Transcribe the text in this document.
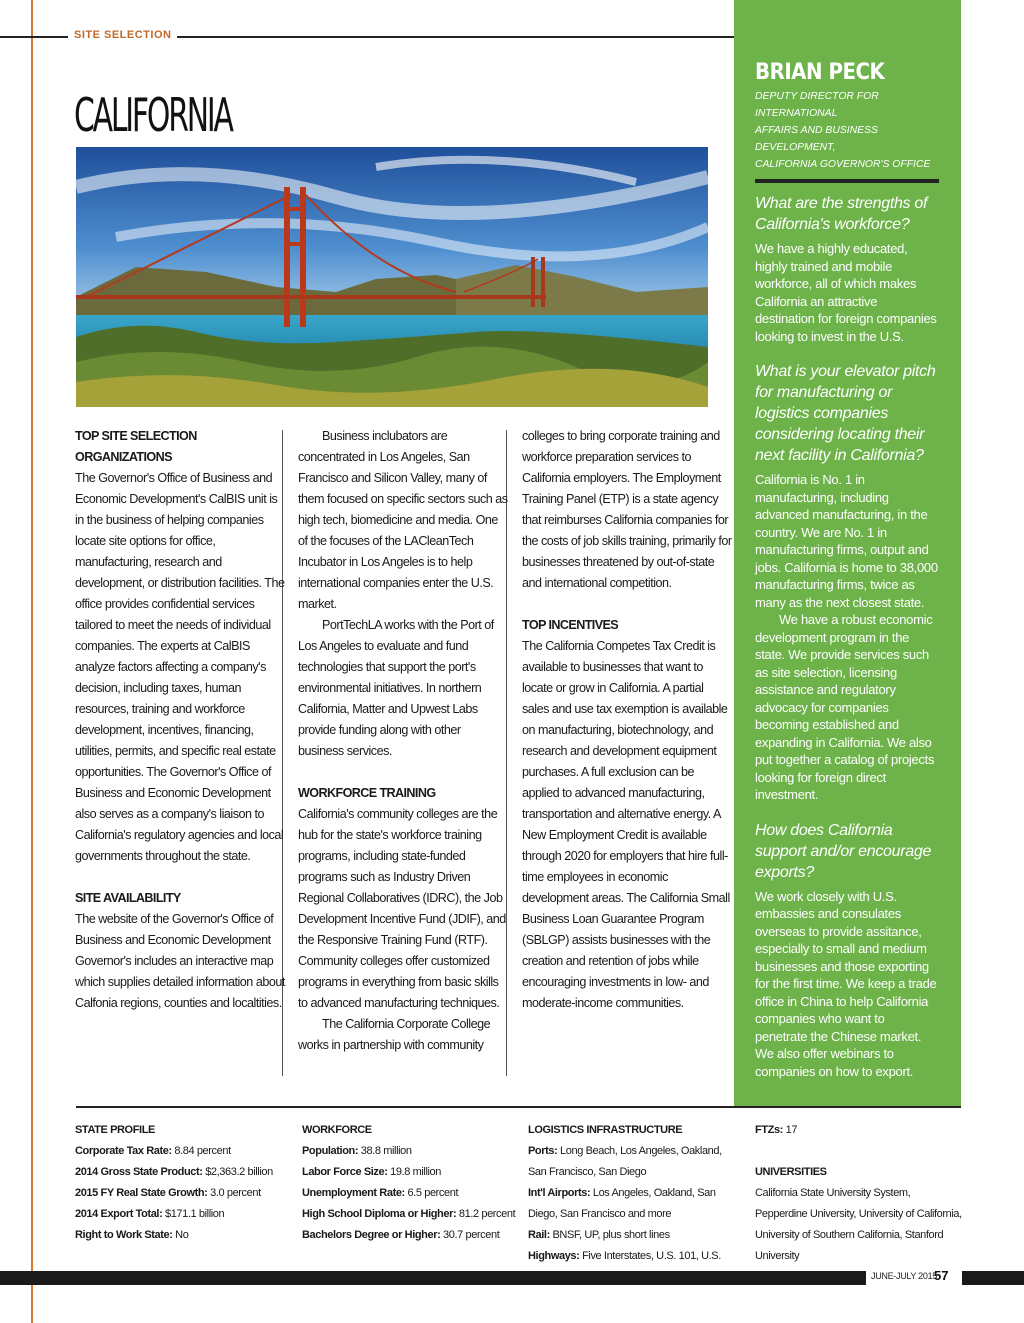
SITE SELECTION
CALIFORNIA
TOP SITE SELECTION
ORGANIZATIONS

The Governor's Office of Business and Economic Development's CalBIS unit is in the business of helping companies locate site options for office, manufacturing, research and development, or distribution facilities. The office provides confidential services tailored to meet the needs of individual companies. The experts at CalBIS analyze factors affecting a company's decision, including taxes, human resources, training and workforce development, incentives, financing, utilities, permits, and specific real estate opportunities. The Governor's Office of Business and Economic Development also serves as a company's liaison to California's regulatory agencies and local governments throughout the state.

SITE AVAILABILITY

The website of the Governor's Office of Business and Economic Development Governor's includes an interactive map which supplies detailed information about Calfonia regions, counties and localtities.

Business inclubators are concentrated in Los Angeles, San Francisco and Silicon Valley, many of them focused on specific sectors such as high tech, biomedicine and media. One of the focuses of the LACleanTech Incubator in Los Angeles is to help international companies enter the U.S. market.

PortTechLA works with the Port of Los Angeles to evaluate and fund technologies that support the port's environmental initiatives. In northern California, Matter and Upwest Labs provide funding along with other business services.

WORKFORCE TRAINING

California's community colleges are the hub for the state's workforce training programs, including state-funded programs such as Industry Driven Regional Collaboratives (IDRC), the Job Development Incentive Fund (JDIF), and the Responsive Training Fund (RTF). Community colleges offer customized programs in everything from basic skills to advanced manufacturing techniques.

The California Corporate College works in partnership with community

colleges to bring corporate training and workforce preparation services to California employers. The Employment Training Panel (ETP) is a state agency that reimburses California companies for the costs of job skills training, primarily for businesses threatened by out-of-state and international competition.

TOP INCENTIVES

The California Competes Tax Credit is available to businesses that want to locate or grow in California. A partial sales and use tax exemption is available on manufacturing, biotechnology, and research and development equipment purchases. A full exclusion can be applied to advanced manufacturing, transportation and alternative energy. A New Employment Credit is available through 2020 for employers that hire full-time employees in economic development areas. The California Small Business Loan Guarantee Program (SBLGP) assists businesses with the creation and retention of jobs while encouraging investments in low- and moderate-income communities.

BRIAN PECK
DEPUTY DIRECTOR FOR INTERNATIONAL
AFFAIRS AND BUSINESS DEVELOPMENT,
CALIFORNIA GOVERNOR'S OFFICE
What are the strengths of California's workforce?
We have a highly educated, highly trained and mobile workforce, all of which makes California an attractive destination for foreign companies looking to invest in the U.S.
What is your elevator pitch for manufacturing or logistics companies considering locating their next facility in California?
California is No. 1 in manufacturing, including advanced manufacturing, in the country. We are No. 1 in manufacturing firms, output and jobs. California is home to 38,000 manufacturing firms, twice as many as the next closest state.
We have a robust economic development program in the state. We provide services such as site selection, licensing assistance and regulatory advocacy for companies becoming established and expanding in California. We also put together a catalog of projects looking for foreign direct investment.
How does California support and/or encourage exports?
We work closely with U.S. embassies and consulates overseas to provide assitance, especially to small and medium businesses and those exporting for the first time. We keep a trade office in China to help California companies who want to penetrate the Chinese market. We also offer webinars to companies on how to export.
STATE PROFILE
Corporate Tax Rate: 8.84 percent
2014 Gross State Product: $2,363.2 billion
2015 FY Real State Growth: 3.0 percent
2014 Export Total: $171.1 billion
Right to Work State: No
WORKFORCE
Population: 38.8 million
Labor Force Size: 19.8 million
Unemployment Rate: 6.5 percent
High School Diploma or Higher: 81.2 percent
Bachelors Degree or Higher: 30.7 percent
LOGISTICS INFRASTRUCTURE
Ports: Long Beach, Los Angeles, Oakland, San Francisco, San Diego
Int'l Airports: Los Angeles, Oakland, San Diego, San Francisco and more
Rail: BNSF, UP, plus short lines
Highways: Five Interstates, U.S. 101, U.S.
FTZs: 17
UNIVERSITIES
California State University System, Pepperdine University, University of California, University of Southern California, Stanford University
JUNE-JULY 2015
57
